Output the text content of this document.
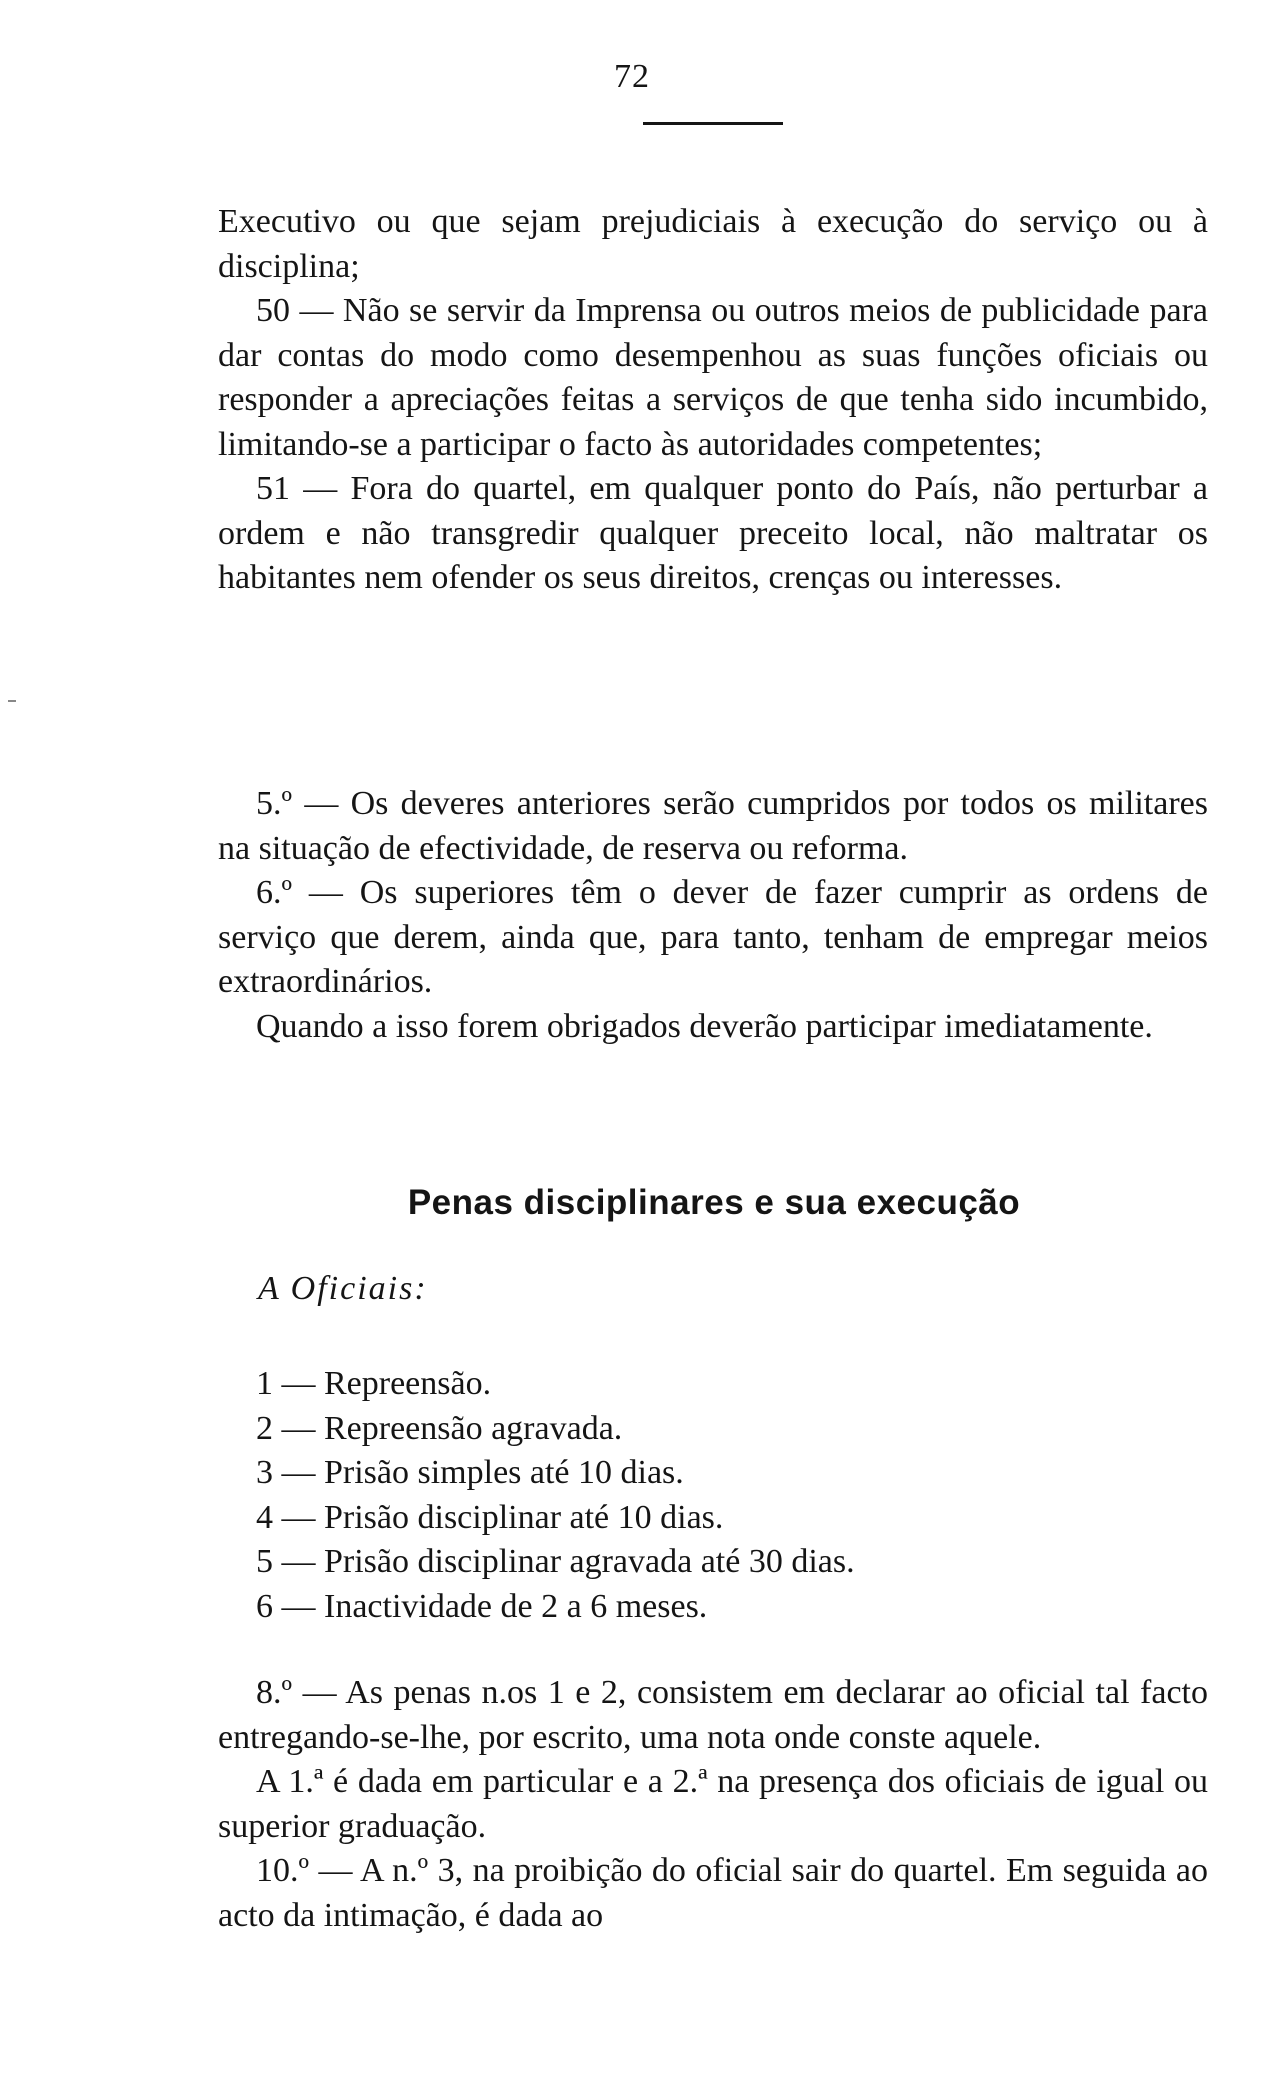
72

Executivo ou que sejam prejudiciais à execução do serviço ou à disciplina;

50 — Não se servir da Imprensa ou outros meios de publicidade para dar contas do modo como desempenhou as suas funções oficiais ou responder a apreciações feitas a serviços de que tenha sido incumbido, limitando-se a participar o facto às autoridades competentes;

51 — Fora do quartel, em qualquer ponto do País, não perturbar a ordem e não transgredir qualquer preceito local, não maltratar os habitantes nem ofender os seus direitos, crenças ou interesses.

5.º — Os deveres anteriores serão cumpridos por todos os militares na situação de efectividade, de reserva ou reforma.

6.º — Os superiores têm o dever de fazer cumprir as ordens de serviço que derem, ainda que, para tanto, tenham de empregar meios extraordinários.

Quando a isso forem obrigados deverão participar imediatamente.

Penas disciplinares e sua execução
A Oficiais:
1 — Repreensão.
2 — Repreensão agravada.
3 — Prisão simples até 10 dias.
4 — Prisão disciplinar até 10 dias.
5 — Prisão disciplinar agravada até 30 dias.
6 — Inactividade de 2 a 6 meses.

8.º — As penas n.os 1 e 2, consistem em declarar ao oficial tal facto entregando-se-lhe, por escrito, uma nota onde conste aquele.

A 1.ª é dada em particular e a 2.ª na presença dos oficiais de igual ou superior graduação.

10.º — A n.º 3, na proibição do oficial sair do quartel. Em seguida ao acto da intimação, é dada ao
